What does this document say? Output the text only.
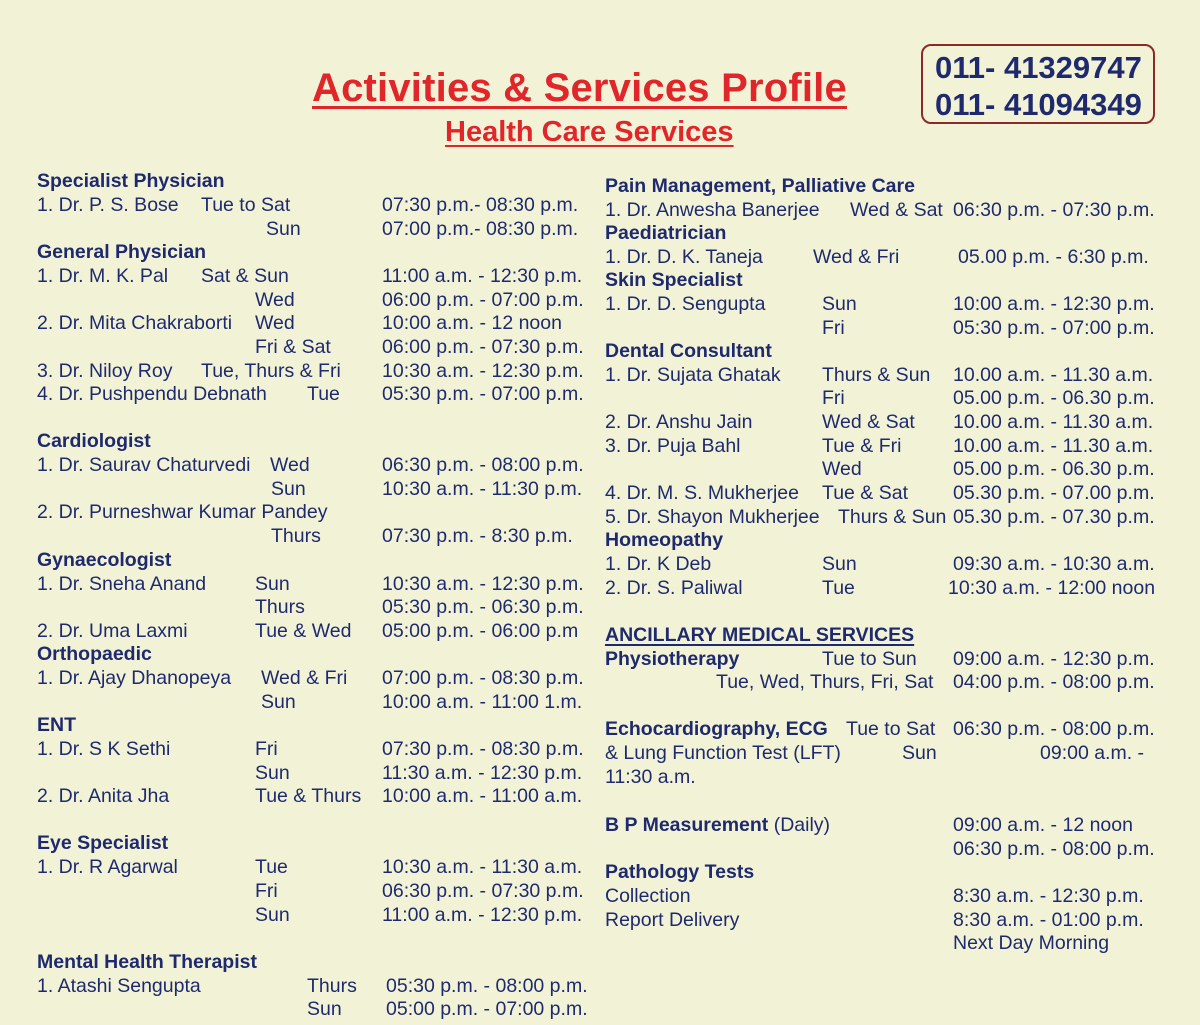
Activities & Services Profile
Health Care Services
011- 41329747
011- 41094349
Specialist Physician
1. Dr. P. S. Bose Tue to Sat	07:30 p.m.- 08:30 p.m.
Sun	07:00 p.m.- 08:30 p.m.
General Physician
1. Dr. M. K. Pal Sat & Sun	11:00 a.m. - 12:30 p.m.
Wed	06:00 p.m. - 07:00 p.m.
2. Dr. Mita Chakraborti Wed	10:00 a.m. - 12 noon
Fri & Sat	06:00 p.m. - 07:30 p.m.
3. Dr. Niloy Roy Tue, Thurs & Fri 10:30 a.m. - 12:30 p.m.
4. Dr. Pushpendu Debnath Tue 05:30 p.m. - 07:00 p.m.
Cardiologist
1. Dr. Saurav Chaturvedi Wed	06:30 p.m. - 08:00 p.m.
Sun	10:30 a.m. - 11:30 p.m.
2. Dr. Purneshwar Kumar Pandey
Thurs	07:30 p.m. - 8:30 p.m.
Gynaecologist
1. Dr. Sneha Anand	Sun	10:30 a.m. - 12:30 p.m.
Thurs	05:30 p.m. - 06:30 p.m.
2. Dr. Uma Laxmi	Tue & Wed 05:00 p.m. - 06:00 p.m
Orthopaedic
1. Dr. Ajay Dhanopeya Wed & Fri 07:00 p.m. - 08:30 p.m.
Sun	10:00 a.m. - 11:00 1.m.
ENT
1. Dr. S K Sethi	Fri	07:30 p.m. - 08:30 p.m.
Sun	11:30 a.m. - 12:30 p.m.
2. Dr. Anita Jha	Tue & Thurs 10:00 a.m. - 11:00 a.m.
Eye Specialist
1. Dr. R Agarwal	Tue	10:30 a.m. - 11:30 a.m.
Fri	06:30 p.m. - 07:30 p.m.
Sun	11:00 a.m. - 12:30 p.m.
Mental Health Therapist
1. Atashi Sengupta	Thurs 05:30 p.m. - 08:00 p.m.
Sun 05:00 p.m. - 07:00 p.m.
Pain Management, Palliative Care
1. Dr. Anwesha Banerjee Wed & Sat 06:30 p.m. - 07:30 p.m.
Paediatrician
1. Dr. D. K. Taneja	Wed & Fri	05.00 p.m. - 6:30 p.m.
Skin Specialist
1. Dr. D. Sengupta	Sun	10:00 a.m. - 12:30 p.m.
Fri	05:30 p.m. - 07:00 p.m.
Dental Consultant
1. Dr. Sujata Ghatak Thurs & Sun 10.00 a.m. - 11.30 a.m.
Fri	05.00 p.m. - 06.30 p.m.
2. Dr. Anshu Jain	Wed & Sat 10.00 a.m. - 11.30 a.m.
3. Dr. Puja Bahl	Tue & Fri	10.00 a.m. - 11.30 a.m.
Wed	05.00 p.m. - 06.30 p.m.
4. Dr. M. S. Mukherjee Tue & Sat 05.30 p.m. - 07.00 p.m.
5. Dr. Shayon Mukherjee Thurs & Sun 05.30 p.m. - 07.30 p.m.
Homeopathy
1. Dr. K Deb	Sun	09:30 a.m. - 10:30 a.m.
2. Dr. S. Paliwal	Tue	10:30 a.m. - 12:00 noon
ANCILLARY MEDICAL SERVICES
Physiotherapy	Tue to Sun 09:00 a.m. - 12:30 p.m.
Tue, Wed, Thurs, Fri, Sat 04:00 p.m. - 08:00 p.m.
Echocardiography, ECG Tue to Sat 06:30 p.m. - 08:00 p.m.
& Lung Function Test (LFT)	Sun	09:00 a.m. -
11:30 a.m.
B P Measurement (Daily)	09:00 a.m. - 12 noon
06:30 p.m. - 08:00 p.m.
Pathology Tests
Collection	8:30 a.m. - 12:30 p.m.
Report Delivery	8:30 a.m. - 01:00 p.m.
Next Day Morning
